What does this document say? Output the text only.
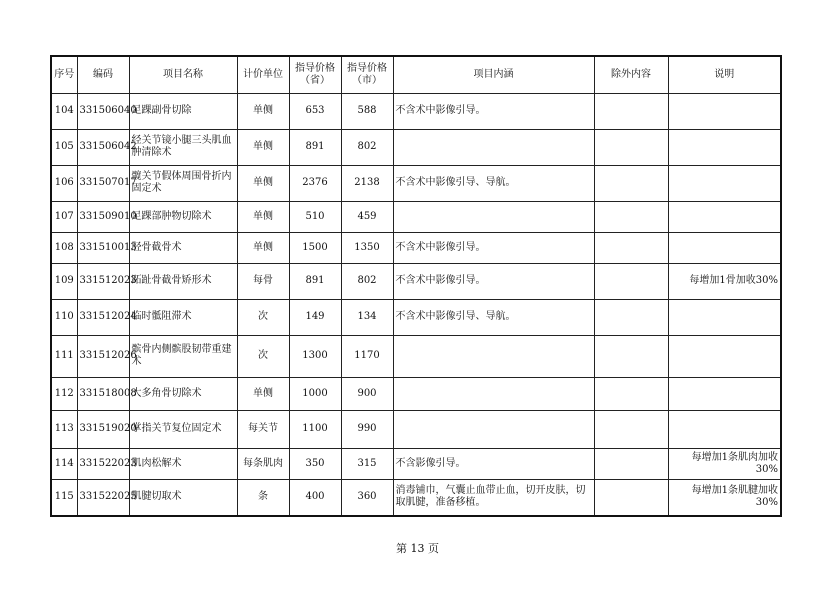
序号	编码	项目名称	计价单位	指导价格（省）	指导价格（市）	项目内涵	除外内容	说明
104	331506040	足踝副骨切除	单侧	653	588	不含术中影像引导。		
105	331506042	经关节镜小腿三头肌血肿清除术	单侧	891	802			
106	331507017	髋关节假体周围骨折内固定术	单侧	2376	2138	不含术中影像引导、导航。		
107	331509010	足踝部肿物切除术	单侧	510	459			
108	331510013	胫骨截骨术	单侧	1500	1350	不含术中影像引导。		
109	331512023	跖趾骨截骨矫形术	每骨	891	802	不含术中影像引导。		每增加1骨加收30%
110	331512024	临时骶阻滞术	次	149	134	不含术中影像引导、导航。		
111	331512026	髌骨内侧髌股韧带重建术	次	1300	1170			
112	331518008	大多角骨切除术	单侧	1000	900			
113	331519020	掌指关节复位固定术	每关节	1100	990			
114	331522023	肌肉松解术	每条肌肉	350	315	不含影像引导。		每增加1条肌肉加收30%
115	331522025	肌腱切取术	条	400	360	消毒铺巾，气囊止血带止血，切开皮肤，切取肌腱，准备移植。		每增加1条肌腱加收30%
第 13 页
